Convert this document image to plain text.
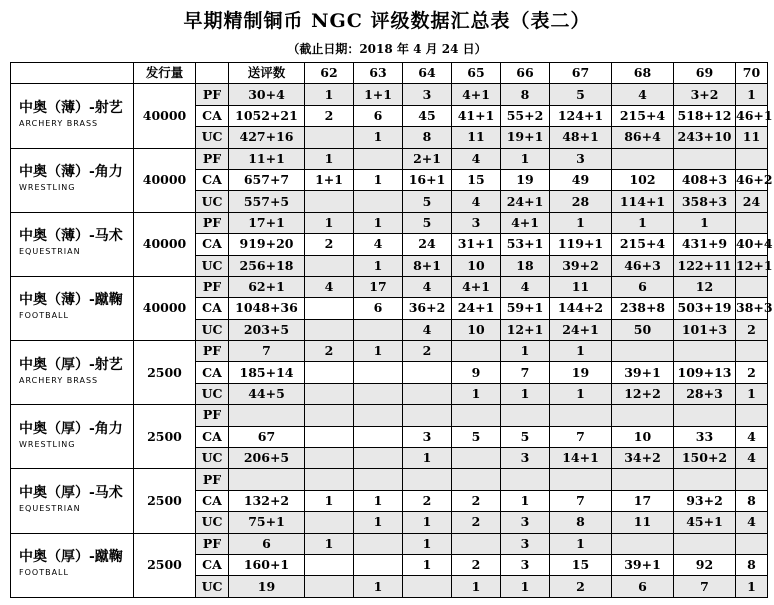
早期精制铜币 NGC 评级数据汇总表（表二）
（截止日期：2018 年 4 月 24 日）
	发行量		送评数	62	63	64	65	66	67	68	69	70

中奥（薄）-射艺
ARCHERY BRASS	40000	PF	30+4	1	1+1	3	4+1	8	5	4	3+2	1
		CA	1052+21	2	6	45	41+1	55+2	124+1	215+4	518+12	46+1
		UC	427+16		1	8	11	19+1	48+1	86+4	243+10	11

中奥（薄）-角力
WRESTLING	40000	PF	11+1	1		2+1	4	1	3			
		CA	657+7	1+1	1	16+1	15	19	49	102	408+3	46+2
		UC	557+5			5	4	24+1	28	114+1	358+3	24

中奥（薄）-马术
EQUESTRIAN	40000	PF	17+1	1	1	5	3	4+1	1	1	1	
		CA	919+20	2	4	24	31+1	53+1	119+1	215+4	431+9	40+4
		UC	256+18		1	8+1	10	18	39+2	46+3	122+11	12+1

中奥（薄）-蹴鞠
FOOTBALL	40000	PF	62+1	4	17	4	4+1	4	11	6	12	
		CA	1048+36		6	36+2	24+1	59+1	144+2	238+8	503+19	38+3
		UC	203+5			4	10	12+1	24+1	50	101+3	2

中奥（厚）-射艺
ARCHERY BRASS	2500	PF	7	2	1	2		1	1			
		CA	185+14				9	7	19	39+1	109+13	2
		UC	44+5				1	1	1	12+2	28+3	1

中奥（厚）-角力
WRESTLING	2500	PF										
		CA	67			3	5	5	7	10	33	4
		UC	206+5			1		3	14+1	34+2	150+2	4

中奥（厚）-马术
EQUESTRIAN	2500	PF										
		CA	132+2	1	1	2	2	1	7	17	93+2	8
		UC	75+1		1	1	2	3	8	11	45+1	4

中奥（厚）-蹴鞠
FOOTBALL	2500	PF	6	1		1		3	1			
		CA	160+1			1	2	3	15	39+1	92	8
		UC	19		1		1	1	2	6	7	1
